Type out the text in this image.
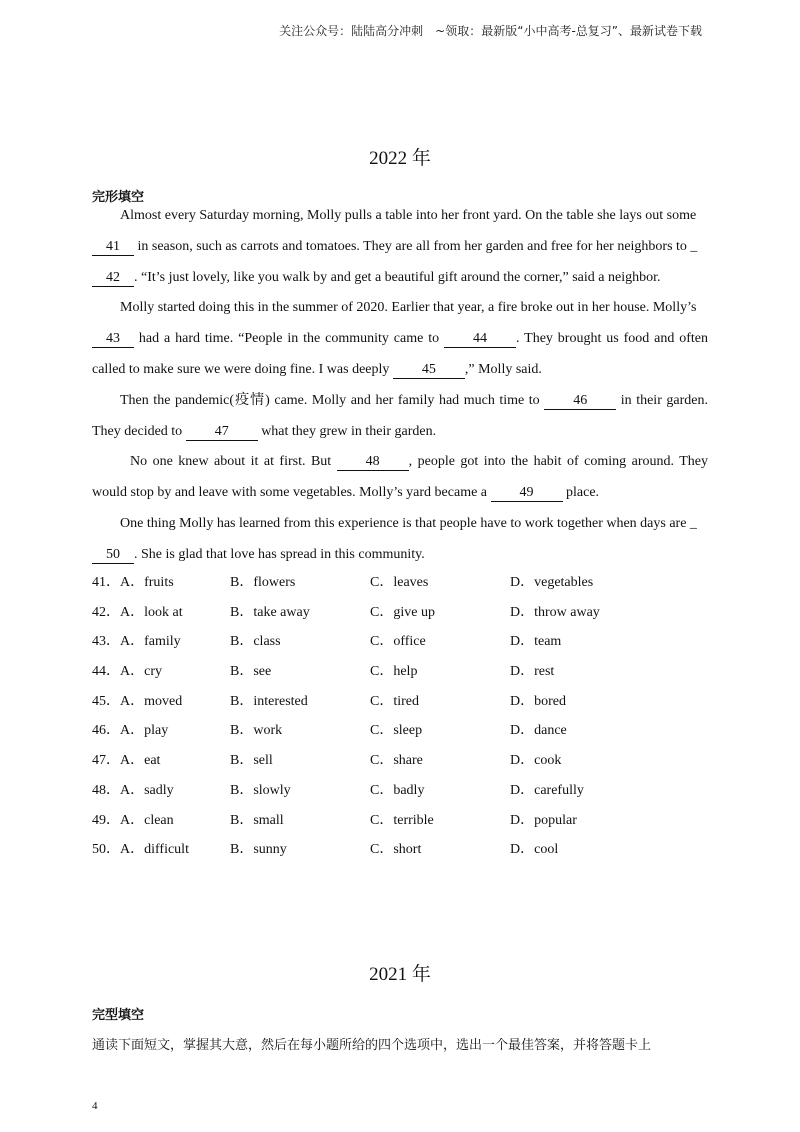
关注公众号：陆陆高分冲刺　~领取：最新版“小中高考-总复习”、最新试卷下载
2022 年
完形填空

Almost every Saturday morning, Molly pulls a table into her front yard. On the table she lays out some
41 in season, such as carrots and tomatoes. They are all from her garden and free for her neighbors to _
42 . “It’s just lovely, like you walk by and get a beautiful gift around the corner,” said a neighbor.

Molly started doing this in the summer of 2020. Earlier that year, a fire broke out in her house. Molly’s
43 had a hard time. “People in the community came to 44 . They brought us food and often called to make sure we were doing fine. I was deeply 45 ,” Molly said.

Then the pandemic(疫情) came. Molly and her family had much time to 46 in their garden. They decided to 47 what they grew in their garden.

No one knew about it at first. But 48 , people got into the habit of coming around. They would stop by and leave with some vegetables. Molly’s yard became a 49 place.

One thing Molly has learned from this experience is that people have to work together when days are _
50 . She is glad that love has spread in this community.

41．A．fruits	B．flowers	C．leaves	D．vegetables
42．A．look at	B．take away	C．give up	D．throw away
43．A．family	B．class	C．office	D．team
44．A．cry	B．see	C．help	D．rest
45．A．moved	B．interested	C．tired	D．bored
46．A．play	B．work	C．sleep	D．dance
47．A．eat	B．sell	C．share	D．cook
48．A．sadly	B．slowly	C．badly	D．carefully
49．A．clean	B．small	C．terrible	D．popular
50．A．difficult	B．sunny	C．short	D．cool
2021 年
完型填空
通读下面短文，掌握其大意，然后在每小题所给的四个选项中，选出一个最佳答案，并将答题卡上
4
